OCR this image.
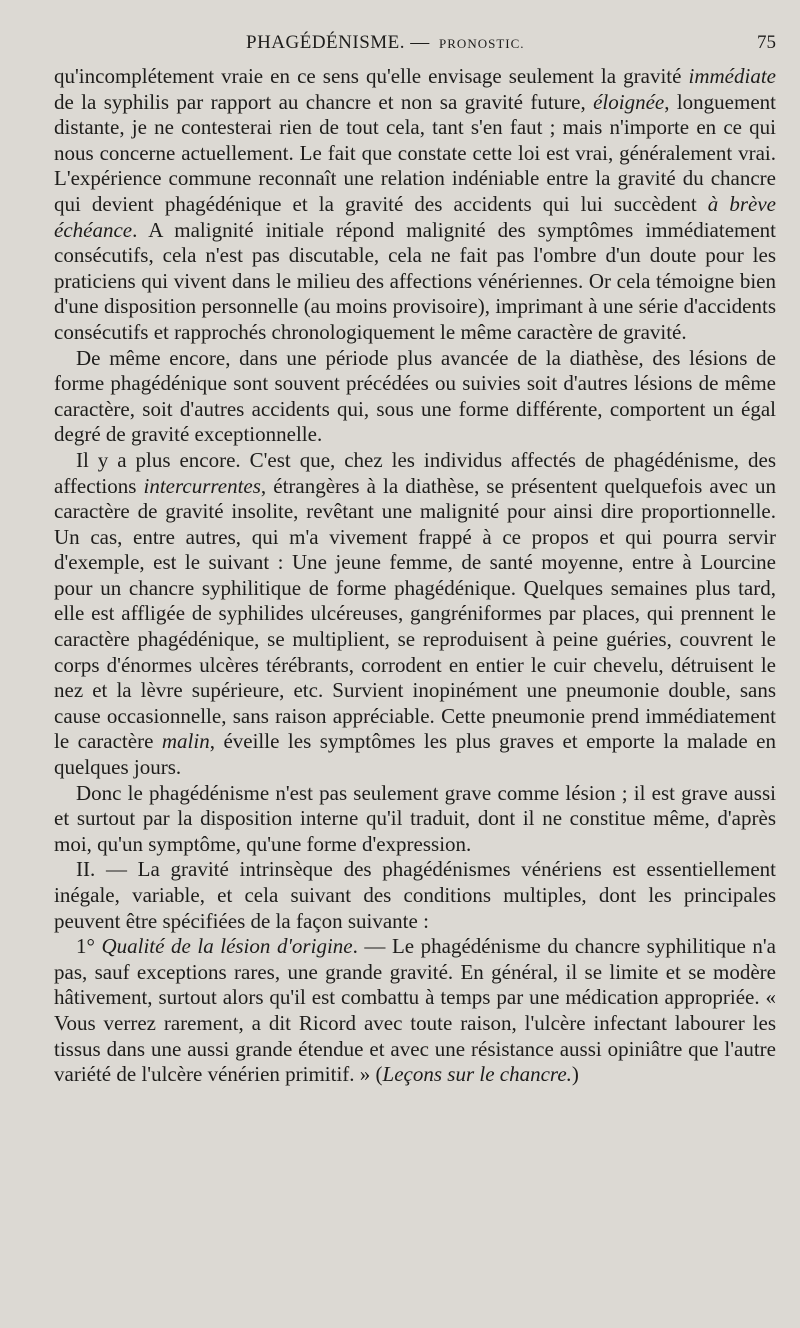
PHAGÉDÉNISME. — PRONOSTIC.	75

qu'incomplétement vraie en ce sens qu'elle envisage seulement la gravité immédiate de la syphilis par rapport au chancre et non sa gravité future, éloignée, longuement distante, je ne contesterai rien de tout cela, tant s'en faut ; mais n'importe en ce qui nous concerne actuellement. Le fait que constate cette loi est vrai, généralement vrai. L'expérience commune reconnaît une relation indéniable entre la gravité du chancre qui devient phagédénique et la gravité des accidents qui lui succèdent à brève échéance. A malignité initiale répond malignité des symptômes immédiatement consécutifs, cela n'est pas discutable, cela ne fait pas l'ombre d'un doute pour les praticiens qui vivent dans le milieu des affections vénériennes. Or cela témoigne bien d'une disposition personnelle (au moins provisoire), imprimant à une série d'accidents consécutifs et rapprochés chronologiquement le même caractère de gravité.

De même encore, dans une période plus avancée de la diathèse, des lésions de forme phagédénique sont souvent précédées ou suivies soit d'autres lésions de même caractère, soit d'autres accidents qui, sous une forme différente, comportent un égal degré de gravité exceptionnelle.

Il y a plus encore. C'est que, chez les individus affectés de phagédénisme, des affections intercurrentes, étrangères à la diathèse, se présentent quelquefois avec un caractère de gravité insolite, revêtant une malignité pour ainsi dire proportionnelle. Un cas, entre autres, qui m'a vivement frappé à ce propos et qui pourra servir d'exemple, est le suivant : Une jeune femme, de santé moyenne, entre à Lourcine pour un chancre syphilitique de forme phagédénique. Quelques semaines plus tard, elle est affligée de syphilides ulcéreuses, gangréniformes par places, qui prennent le caractère phagédénique, se multiplient, se reproduisent à peine guéries, couvrent le corps d'énormes ulcères térébrants, corrodent en entier le cuir chevelu, détruisent le nez et la lèvre supérieure, etc. Survient inopinément une pneumonie double, sans cause occasionnelle, sans raison appréciable. Cette pneumonie prend immédiatement le caractère malin, éveille les symptômes les plus graves et emporte la malade en quelques jours.

Donc le phagédénisme n'est pas seulement grave comme lésion ; il est grave aussi et surtout par la disposition interne qu'il traduit, dont il ne constitue même, d'après moi, qu'un symptôme, qu'une forme d'expression.

II. — La gravité intrinsèque des phagédénismes vénériens est essentiellement inégale, variable, et cela suivant des conditions multiples, dont les principales peuvent être spécifiées de la façon suivante :

1° Qualité de la lésion d'origine. — Le phagédénisme du chancre syphilitique n'a pas, sauf exceptions rares, une grande gravité. En général, il se limite et se modère hâtivement, surtout alors qu'il est combattu à temps par une médication appropriée. « Vous verrez rarement, a dit Ricord avec toute raison, l'ulcère infectant labourer les tissus dans une aussi grande étendue et avec une résistance aussi opiniâtre que l'autre variété de l'ulcère vénérien primitif. » (Leçons sur le chancre.)
